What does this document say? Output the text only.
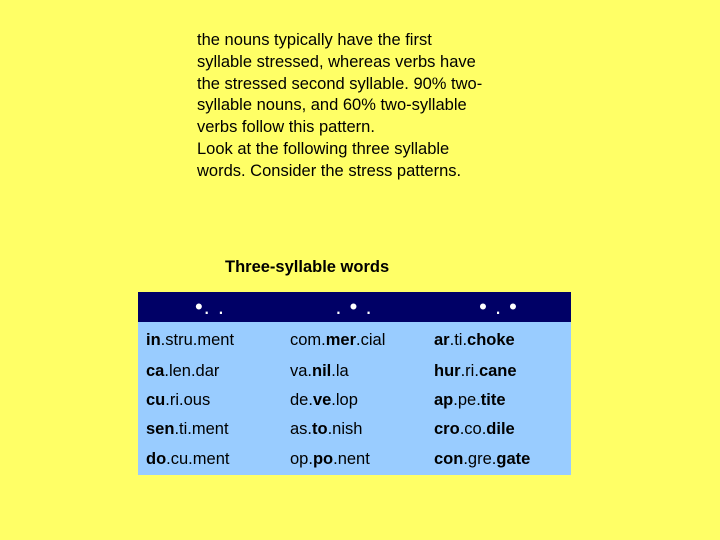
the nouns typically have the first syllable stressed, whereas verbs have the stressed second syllable. 90% two-syllable nouns, and 60% two-syllable verbs follow this pattern.

Look at the following three syllable words. Consider the stress patterns.

Three-syllable words
•. .	. • .	• . •
in.stru.ment	com.mer.cial	ar.ti.choke
ca.len.dar	va.nil.la	hur.ri.cane
cu.ri.ous	de.ve.lop	ap.pe.tite
sen.ti.ment	as.to.nish	cro.co.dile
do.cu.ment	op.po.nent	con.gre.gate
